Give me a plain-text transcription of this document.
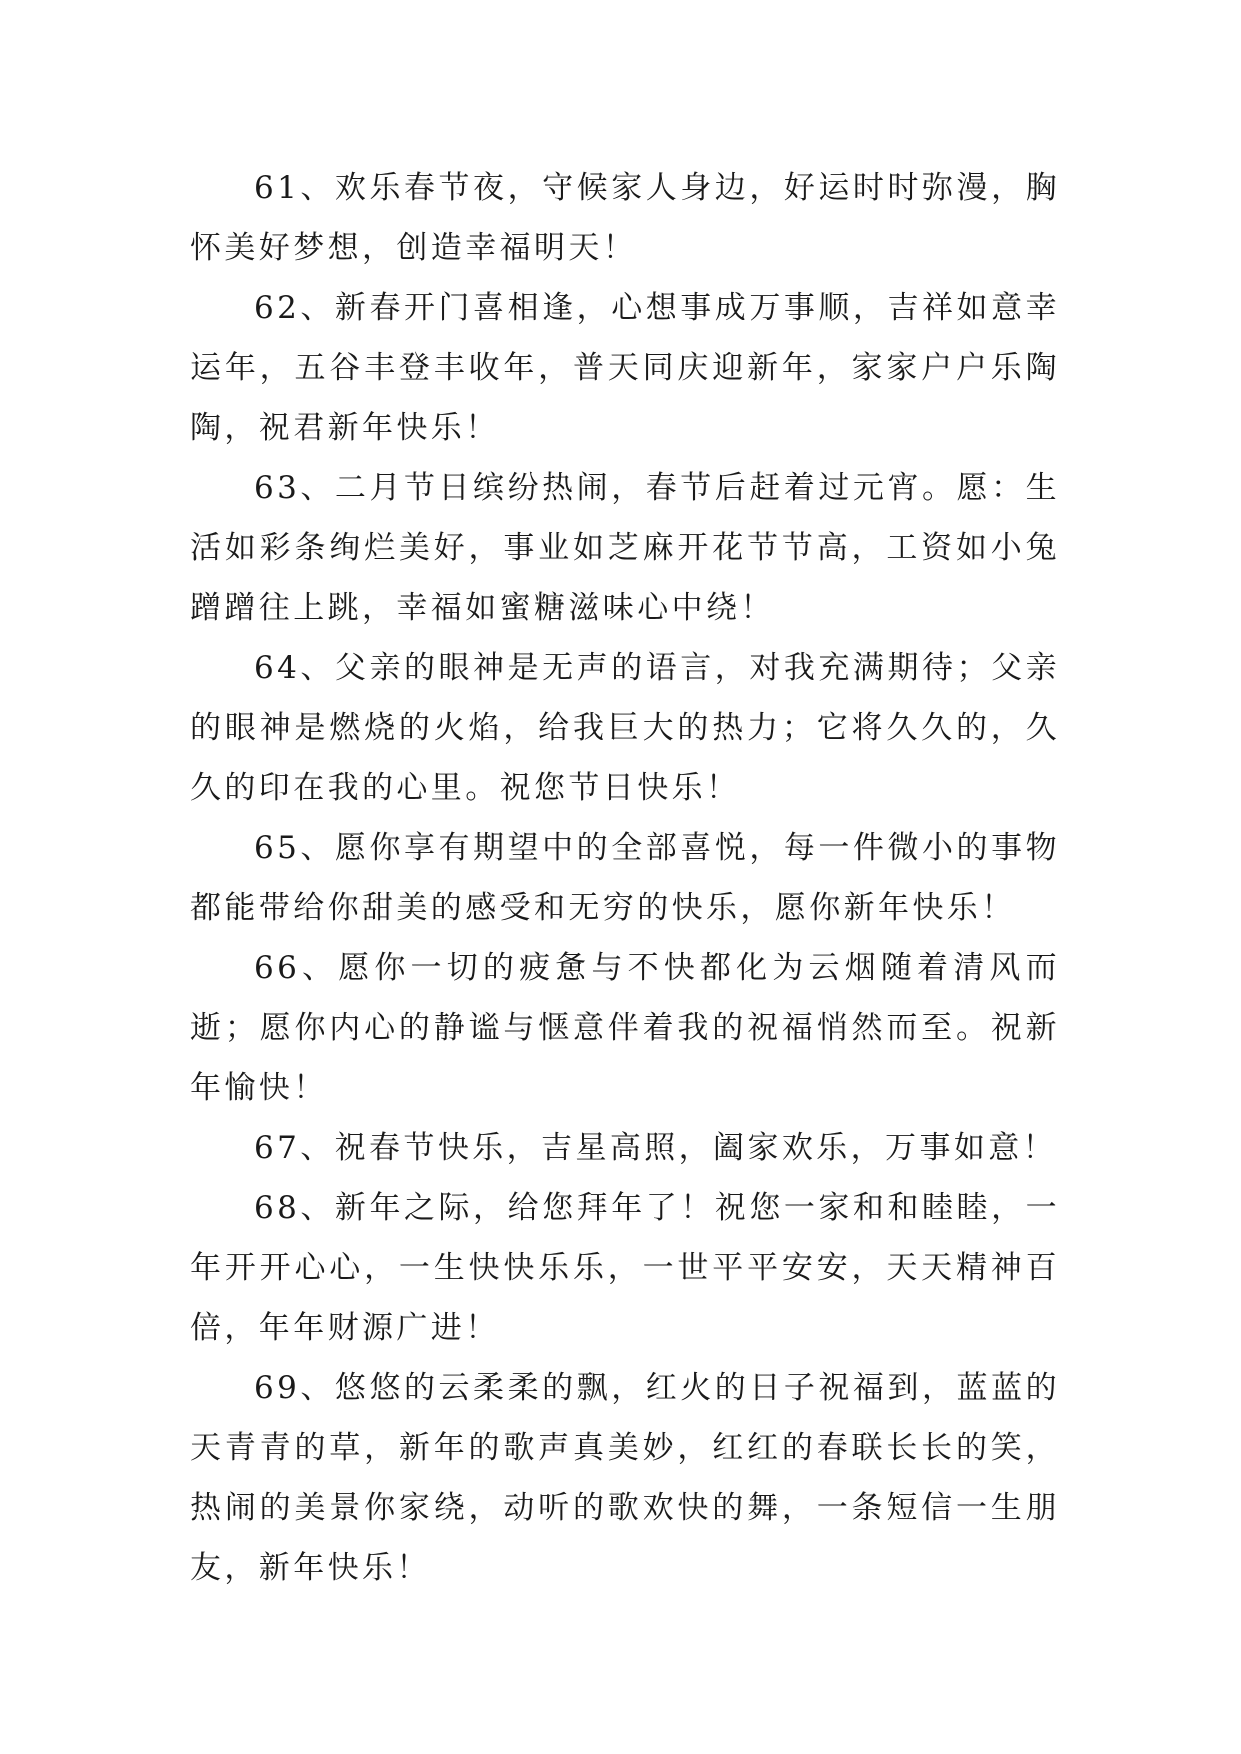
61、欢乐春节夜，守候家人身边，好运时时弥漫，胸怀美好梦想，创造幸福明天！

62、新春开门喜相逢，心想事成万事顺，吉祥如意幸运年，五谷丰登丰收年，普天同庆迎新年，家家户户乐陶陶，祝君新年快乐！

63、二月节日缤纷热闹，春节后赶着过元宵。愿：生活如彩条绚烂美好，事业如芝麻开花节节高，工资如小兔蹭蹭往上跳，幸福如蜜糖滋味心中绕！

64、父亲的眼神是无声的语言，对我充满期待；父亲的眼神是燃烧的火焰，给我巨大的热力；它将久久的，久久的印在我的心里。祝您节日快乐！

65、愿你享有期望中的全部喜悦，每一件微小的事物都能带给你甜美的感受和无穷的快乐，愿你新年快乐！

66、愿你一切的疲惫与不快都化为云烟随着清风而逝；愿你内心的静谧与惬意伴着我的祝福悄然而至。祝新年愉快！

67、祝春节快乐，吉星高照，阖家欢乐，万事如意！

68、新年之际，给您拜年了！祝您一家和和睦睦，一年开开心心，一生快快乐乐，一世平平安安，天天精神百倍，年年财源广进！

69、悠悠的云柔柔的飘，红火的日子祝福到，蓝蓝的天青青的草，新年的歌声真美妙，红红的春联长长的笑，热闹的美景你家绕，动听的歌欢快的舞，一条短信一生朋友，新年快乐！
